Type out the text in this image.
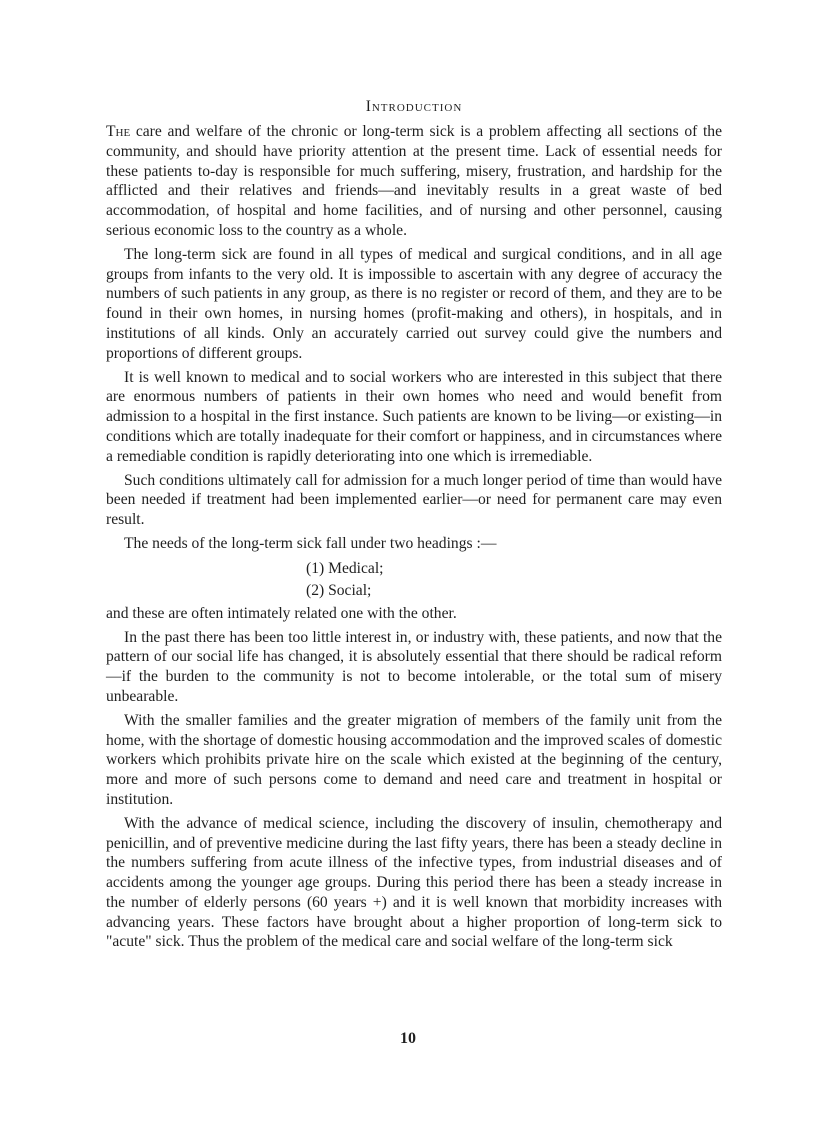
Introduction

The care and welfare of the chronic or long-term sick is a problem affecting all sections of the community, and should have priority attention at the present time. Lack of essential needs for these patients to-day is responsible for much suffering, misery, frustration, and hardship for the afflicted and their relatives and friends—and inevitably results in a great waste of bed accommodation, of hospital and home facilities, and of nursing and other personnel, causing serious economic loss to the country as a whole.

The long-term sick are found in all types of medical and surgical conditions, and in all age groups from infants to the very old. It is impossible to ascertain with any degree of accuracy the numbers of such patients in any group, as there is no register or record of them, and they are to be found in their own homes, in nursing homes (profit-making and others), in hospitals, and in institutions of all kinds. Only an accurately carried out survey could give the numbers and proportions of different groups.

It is well known to medical and to social workers who are interested in this subject that there are enormous numbers of patients in their own homes who need and would benefit from admission to a hospital in the first instance. Such patients are known to be living—or existing—in conditions which are totally inadequate for their comfort or happiness, and in circumstances where a remediable condition is rapidly deteriorating into one which is irremediable.

Such conditions ultimately call for admission for a much longer period of time than would have been needed if treatment had been implemented earlier—or need for permanent care may even result.

The needs of the long-term sick fall under two headings :—

(1) Medical;
(2) Social;

and these are often intimately related one with the other.

In the past there has been too little interest in, or industry with, these patients, and now that the pattern of our social life has changed, it is absolutely essential that there should be radical reform—if the burden to the community is not to become intolerable, or the total sum of misery unbearable.

With the smaller families and the greater migration of members of the family unit from the home, with the shortage of domestic housing accommodation and the improved scales of domestic workers which prohibits private hire on the scale which existed at the beginning of the century, more and more of such persons come to demand and need care and treatment in hospital or institution.

With the advance of medical science, including the discovery of insulin, chemotherapy and penicillin, and of preventive medicine during the last fifty years, there has been a steady decline in the numbers suffering from acute illness of the infective types, from industrial diseases and of accidents among the younger age groups. During this period there has been a steady increase in the number of elderly persons (60 years +) and it is well known that morbidity increases with advancing years. These factors have brought about a higher proportion of long-term sick to "acute" sick. Thus the problem of the medical care and social welfare of the long-term sick

10
